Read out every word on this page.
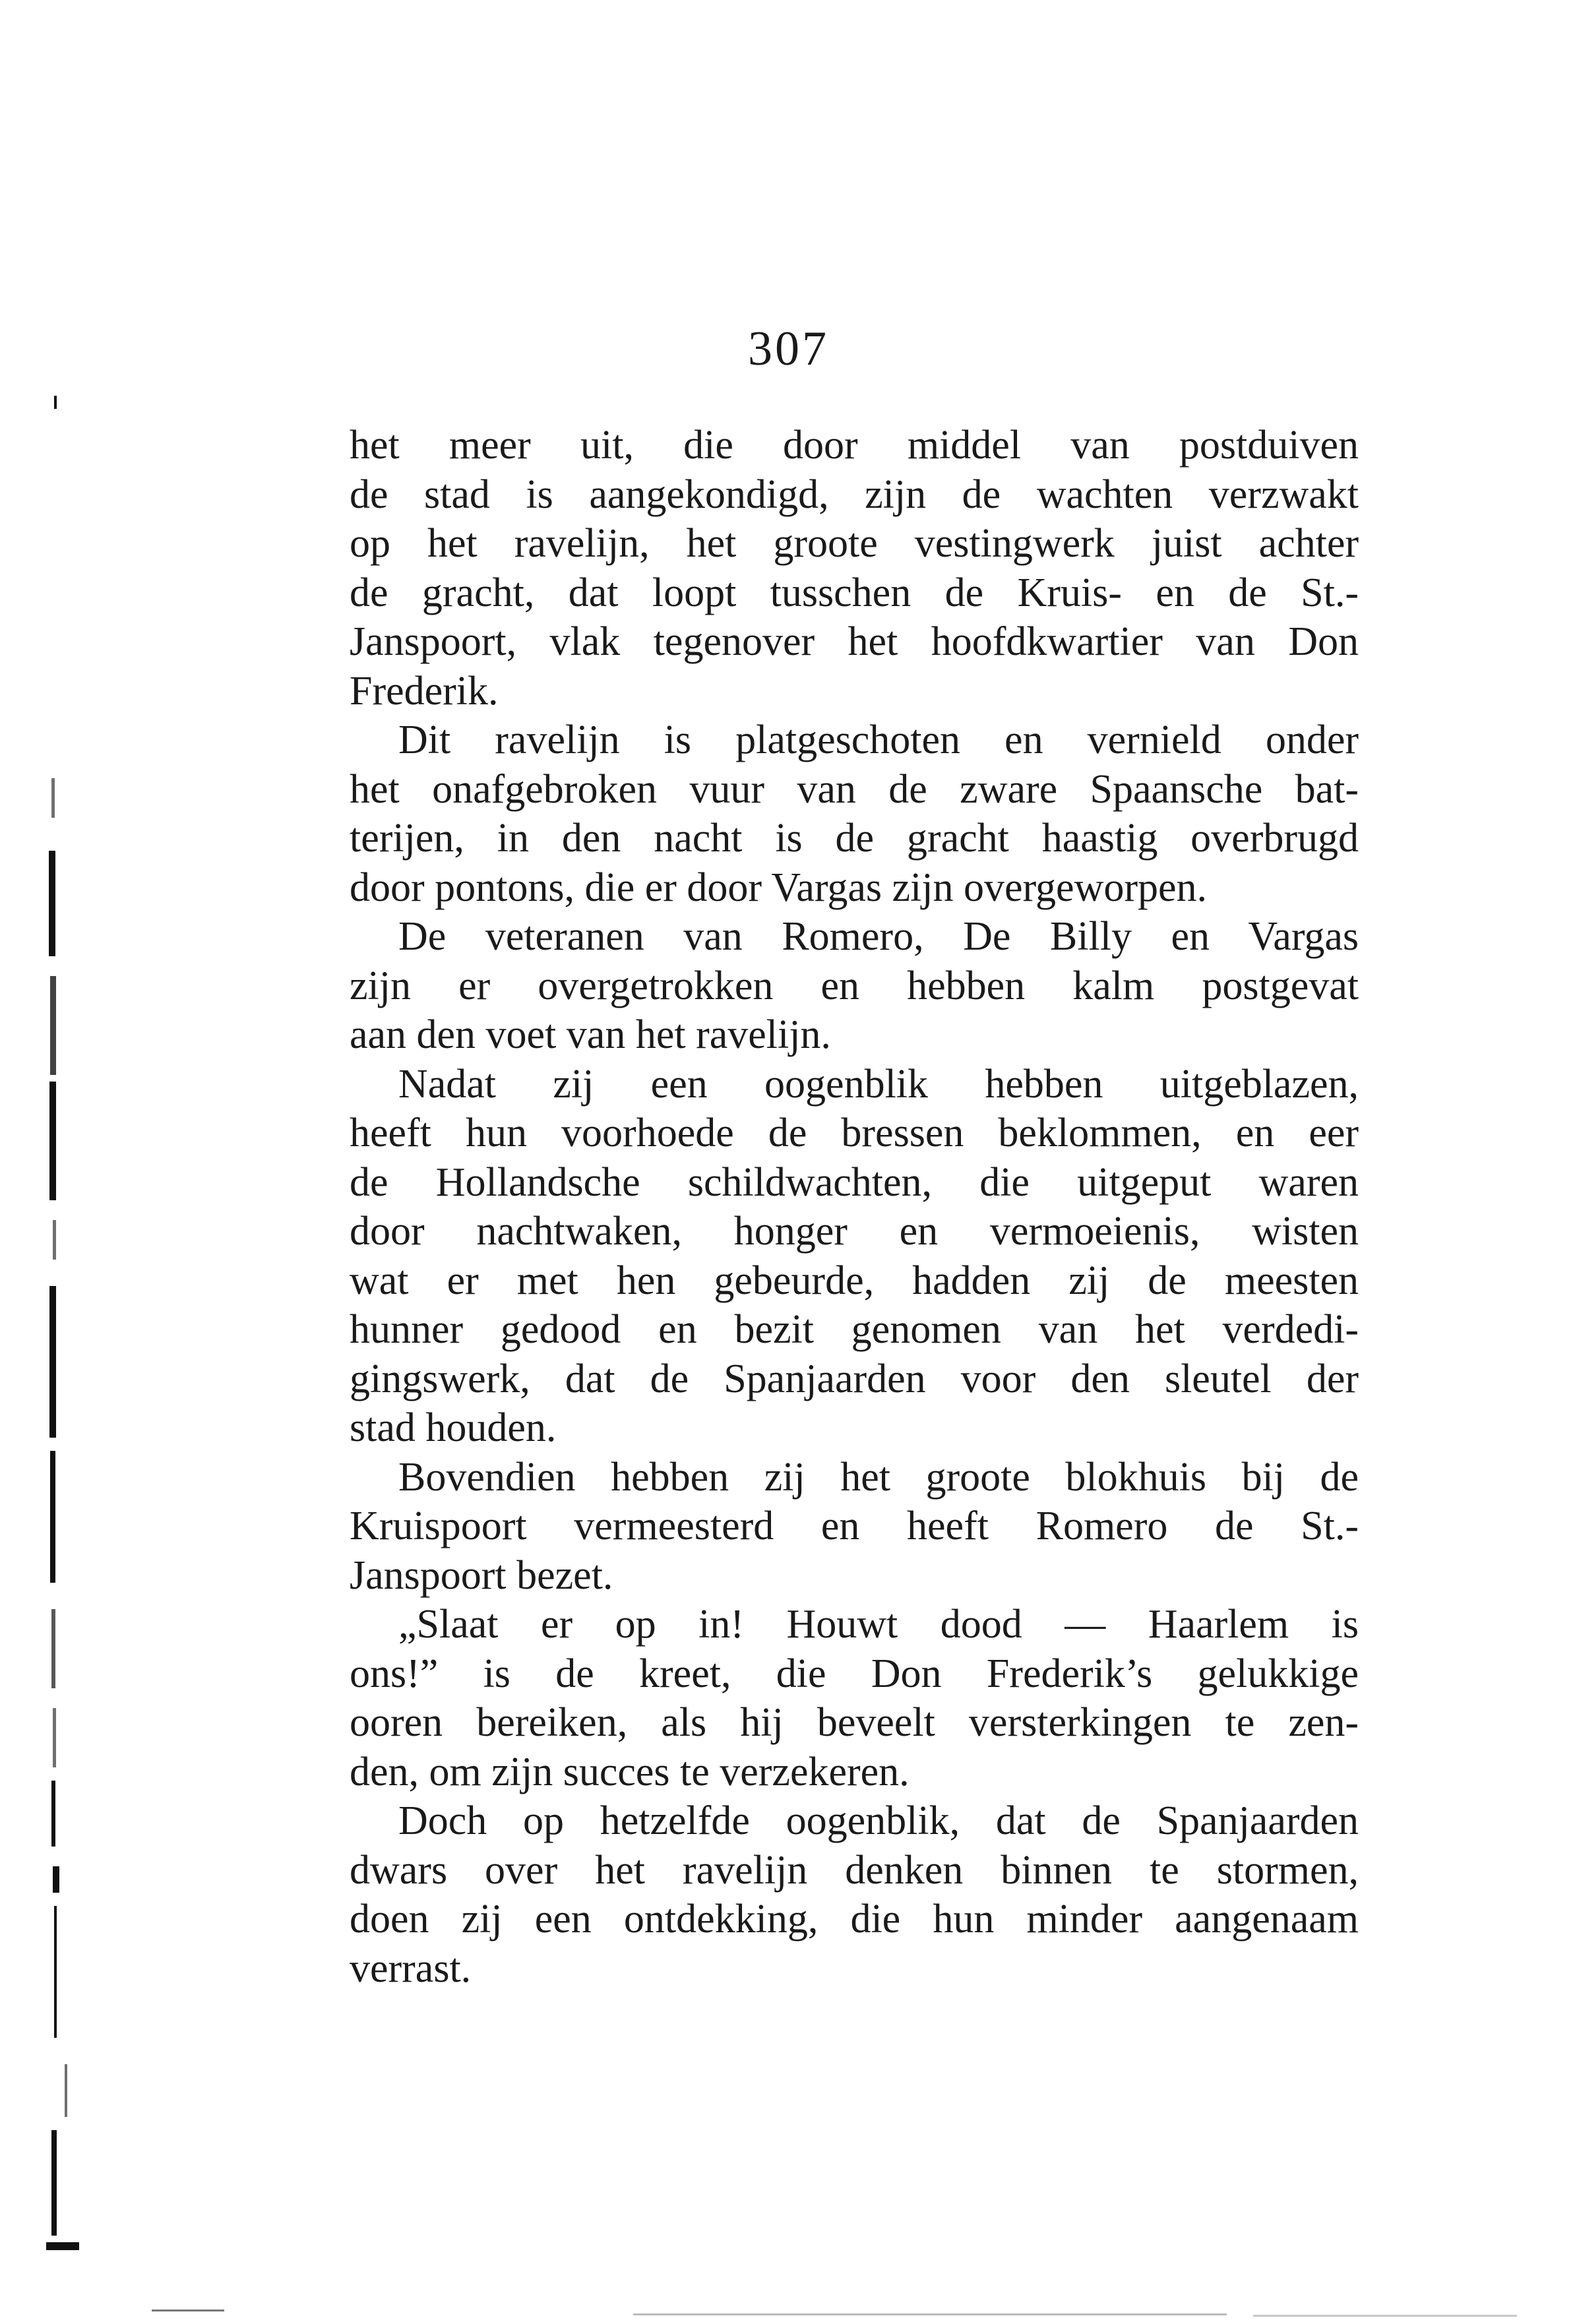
307
het meer uit, die door middel van postduiven
de stad is aangekondigd, zijn de wachten verzwakt
op het ravelijn, het groote vestingwerk juist achter
de gracht, dat loopt tusschen de Kruis- en de St.-
Janspoort, vlak tegenover het hoofdkwartier van Don
Frederik.
Dit ravelijn is platgeschoten en vernield onder
het onafgebroken vuur van de zware Spaansche bat-
terijen, in den nacht is de gracht haastig overbrugd
door pontons, die er door Vargas zijn overgeworpen.
De veteranen van Romero, De Billy en Vargas
zijn er overgetrokken en hebben kalm postgevat
aan den voet van het ravelijn.
Nadat zij een oogenblik hebben uitgeblazen,
heeft hun voorhoede de bressen beklommen, en eer
de Hollandsche schildwachten, die uitgeput waren
door nachtwaken, honger en vermoeienis, wisten
wat er met hen gebeurde, hadden zij de meesten
hunner gedood en bezit genomen van het verdedi-
gingswerk, dat de Spanjaarden voor den sleutel der
stad houden.
Bovendien hebben zij het groote blokhuis bij de
Kruispoort vermeesterd en heeft Romero de St.-
Janspoort bezet.
„Slaat er op in! Houwt dood — Haarlem is
ons!” is de kreet, die Don Frederik’s gelukkige
ooren bereiken, als hij beveelt versterkingen te zen-
den, om zijn succes te verzekeren.
Doch op hetzelfde oogenblik, dat de Spanjaarden
dwars over het ravelijn denken binnen te stormen,
doen zij een ontdekking, die hun minder aangenaam
verrast.
